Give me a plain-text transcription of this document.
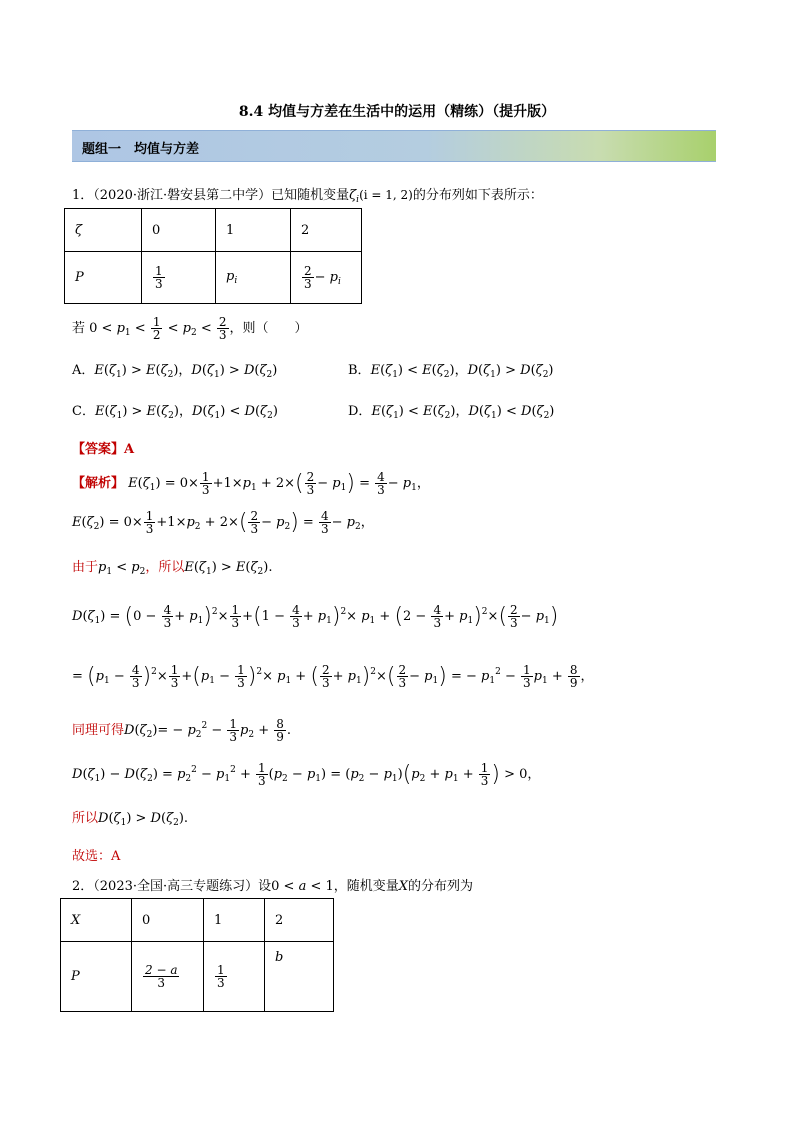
8.4 均值与方差在生活中的运用（精练）（提升版）
题组一　均值与方差
1．（2020·浙江·磐安县第二中学）已知随机变量$\zeta_i(i = 1$, 2)的分布列如下表所示：
ζ	0	1	2
P	$\frac{1}{3}$	$p_i$	$\frac{2}{3} - p_i$
若 $0 < p_1 < \frac{1}{2} < p_2 < \frac{2}{3}$ ，则（　　）
A．$E(\zeta_1) > E(\zeta_2)$，$D(\zeta_1) > D(\zeta_2)$	B．$E(\zeta_1) < E(\zeta_2)$，$D(\zeta_1) > D(\zeta_2)$
C．$E(\zeta_1) > E(\zeta_2)$，$D(\zeta_1) < D(\zeta_2)$	D．$E(\zeta_1) < E(\zeta_2)$，$D(\zeta_1) < D(\zeta_2)$
【答案】A
【解析】 $E(\zeta_1) = 0\times \frac{1}{3} +1\times p_1 + 2\times( \frac{2}{3} - p_1) = \frac{4}{3} - p_1$，
$E(\zeta_2) = 0\times \frac{1}{3} +1\times p_2 + 2\times( \frac{2}{3} - p_2) = \frac{4}{3} - p_2$，
由于$p_1 < p_2$，所以$E(\zeta_1) > E(\zeta_2)$.
$D(\zeta_1) = (0 - \frac{4}{3} + p_1)^2\times \frac{1}{3} +(1 - \frac{4}{3} + p_1)^2\times p_1 + (2 - \frac{4}{3} + p_1)^2\times( \frac{2}{3} - p_1)$
= $(p_1 - \frac{4}{3} )^2\times \frac{1}{3} +(p_1 - \frac{1}{3} )^2\times p_1$ + ( $\frac{2}{3} + p_1)^2\times( \frac{2}{3} - p_1)$ = − $p_1^2 - \frac{1}{3} p_1 + \frac{8}{9}$ ，
同理可得$D(\zeta_2)= - p_2^2 - \frac{1}{3} p_2 + \frac{8}{9}$ .
$D(\zeta_1) - D(\zeta_2) = p_2^2 - p_1^2 + \frac{1}{3} (p_2 - p_1) = (p_2 - p_1)(p_2 + p_1 + \frac{1}{3}$ ) > 0，
所以$D(\zeta_1) > D(\zeta_2)$.
故选：A
2．（2023·全国·高三专题练习）设0 < a < 1，随机变量X的分布列为
X	0	1	2
P	$\frac{2 - a}{3}$	$\frac{1}{3}$	b
